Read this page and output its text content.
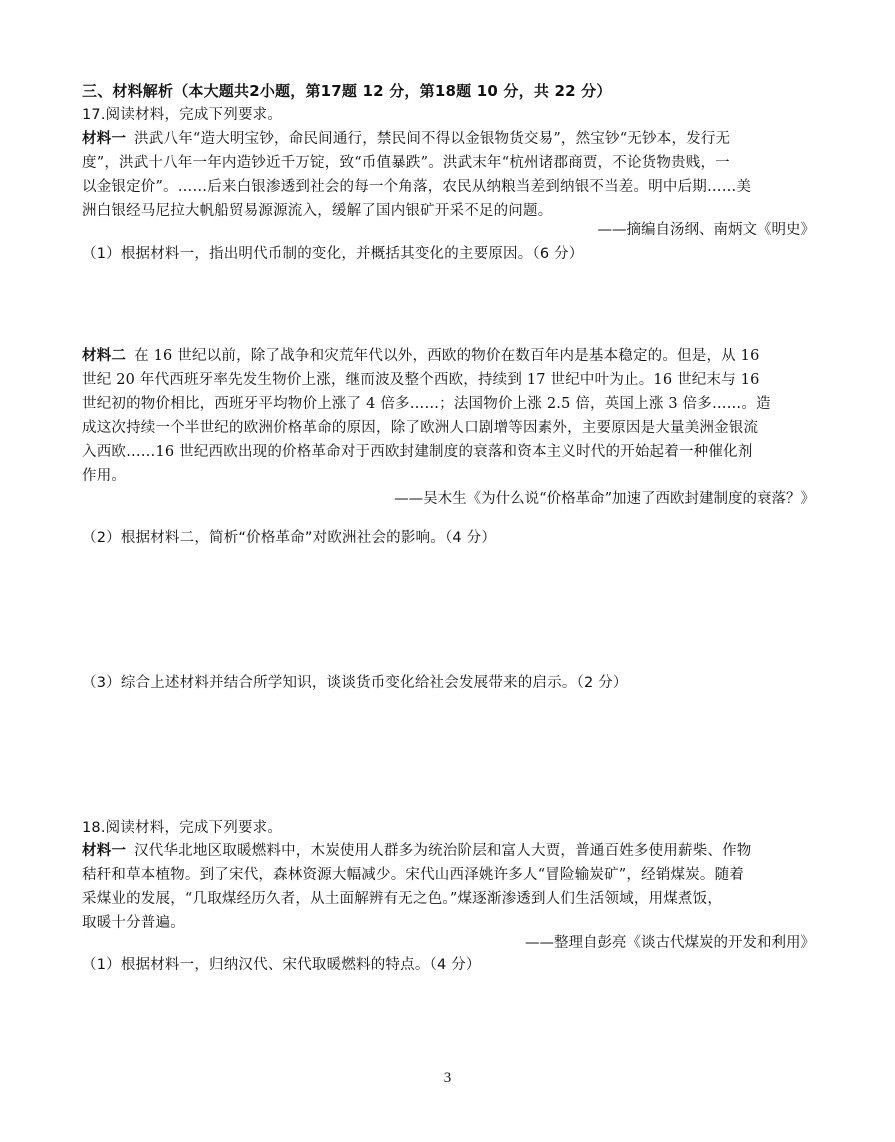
三、材料解析（本大题共2小题，第17题 12 分，第18题 10 分，共 22 分）
17.阅读材料，完成下列要求。
材料一 洪武八年“造大明宝钞，命民间通行，禁民间不得以金银物货交易”，然宝钞“无钞本，发行无
度”，洪武十八年一年内造钞近千万锭，致“币值暴跌”。洪武末年“杭州诸郡商贾，不论货物贵贱，一
以金银定价”。……后来白银渗透到社会的每一个角落，农民从纳粮当差到纳银不当差。明中后期……美
洲白银经马尼拉大帆船贸易源源流入，缓解了国内银矿开采不足的问题。
——摘编自汤纲、南炳文《明史》
（1）根据材料一，指出明代币制的变化，并概括其变化的主要原因。（6 分）
材料二 在 16 世纪以前，除了战争和灾荒年代以外，西欧的物价在数百年内是基本稳定的。但是，从 16
世纪 20 年代西班牙率先发生物价上涨，继而波及整个西欧，持续到 17 世纪中叶为止。16 世纪末与 16
世纪初的物价相比，西班牙平均物价上涨了 4 倍多……；法国物价上涨 2.5 倍，英国上涨 3 倍多……。造
成这次持续一个半世纪的欧洲价格革命的原因，除了欧洲人口剧增等因素外，主要原因是大量美洲金银流
入西欧……16 世纪西欧出现的价格革命对于西欧封建制度的衰落和资本主义时代的开始起着一种催化剂
作用。
——吴木生《为什么说“价格革命”加速了西欧封建制度的衰落？》
（2）根据材料二，简析“价格革命”对欧洲社会的影响。（4 分）
（3）综合上述材料并结合所学知识，谈谈货币变化给社会发展带来的启示。（2 分）
18.阅读材料，完成下列要求。
材料一 汉代华北地区取暖燃料中，木炭使用人群多为统治阶层和富人大贾，普通百姓多使用薪柴、作物
秸秆和草本植物。到了宋代，森林资源大幅减少。宋代山西泽姚许多人“冒险输炭矿”，经销煤炭。随着
采煤业的发展，“几取煤经历久者，从土面解辨有无之色。”煤逐渐渗透到人们生活领域，用煤煮饭，
取暖十分普遍。
——整理自彭亮《谈古代煤炭的开发和利用》
（1）根据材料一，归纳汉代、宋代取暖燃料的特点。（4 分）
3
